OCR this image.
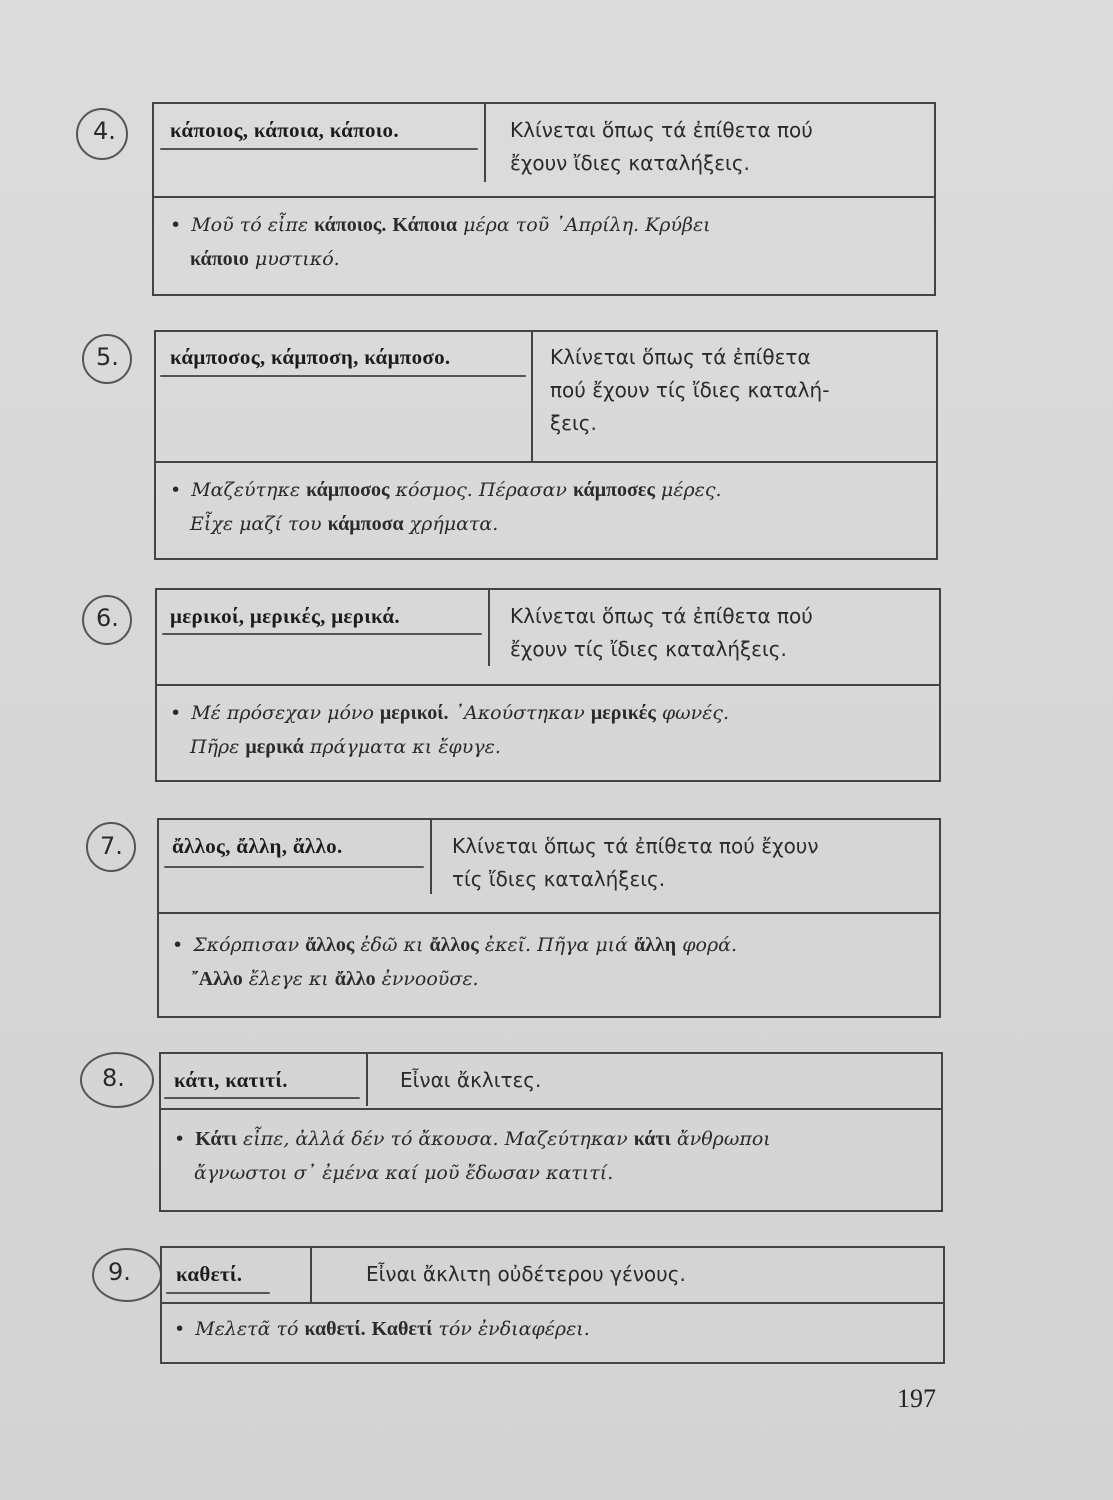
4.	κάποιος, κάποια, κάποιο.	Κλίνεται ὅπως τά ἐπίθετα πού
ἔχουν ἴδιες καταλήξεις.
• Μοῦ τό εἶπε κάποιος. Κάποια μέρα τοῦ ᾿Απρίλη. Κρύβει
κάποιο μυστικό.
5. κάμποσος, κάμποση, κάμποσο.	Κλίνεται ὅπως τά ἐπίθετα
πού ἔχουν τίς ἴδιες καταλή-
ξεις.
• Μαζεύτηκε κάμποσος κόσμος. Πέρασαν κάμποσες μέρες.
Εἶχε μαζί του κάμποσα χρήματα.
6. μερικοί, μερικές, μερικά.	Κλίνεται ὅπως τά ἐπίθετα πού
ἔχουν τίς ἴδιες καταλήξεις.
• Μέ πρόσεχαν μόνο μερικοί. ᾿Ακούστηκαν μερικές φωνές.
Πῆρε μερικά πράγματα κι ἔφυγε.
7. ἄλλος, ἄλλη, ἄλλο.	Κλίνεται ὅπως τά ἐπίθετα πού ἔχουν
τίς ἴδιες καταλήξεις.
• Σκόρπισαν ἄλλος ἐδῶ κι ἄλλος ἐκεῖ. Πῆγα μιά ἄλλη φορά.
῎Αλλο ἔλεγε κι ἄλλο ἐννοοῦσε.
8. κάτι, κατιτί.	Εἶναι ἄκλιτες.
• Κάτι εἶπε, ἀλλά δέν τό ἄκουσα. Μαζεύτηκαν κάτι ἄνθρωποι
ἄγνωστοι σ᾿ ἐμένα καί μοῦ ἔδωσαν κατιτί.
9. καθετί.	Εἶναι ἄκλιτη οὐδέτερου γένους.
• Μελετᾶ τό καθετί. Καθετί τόν ἐνδιαφέρει.
197
